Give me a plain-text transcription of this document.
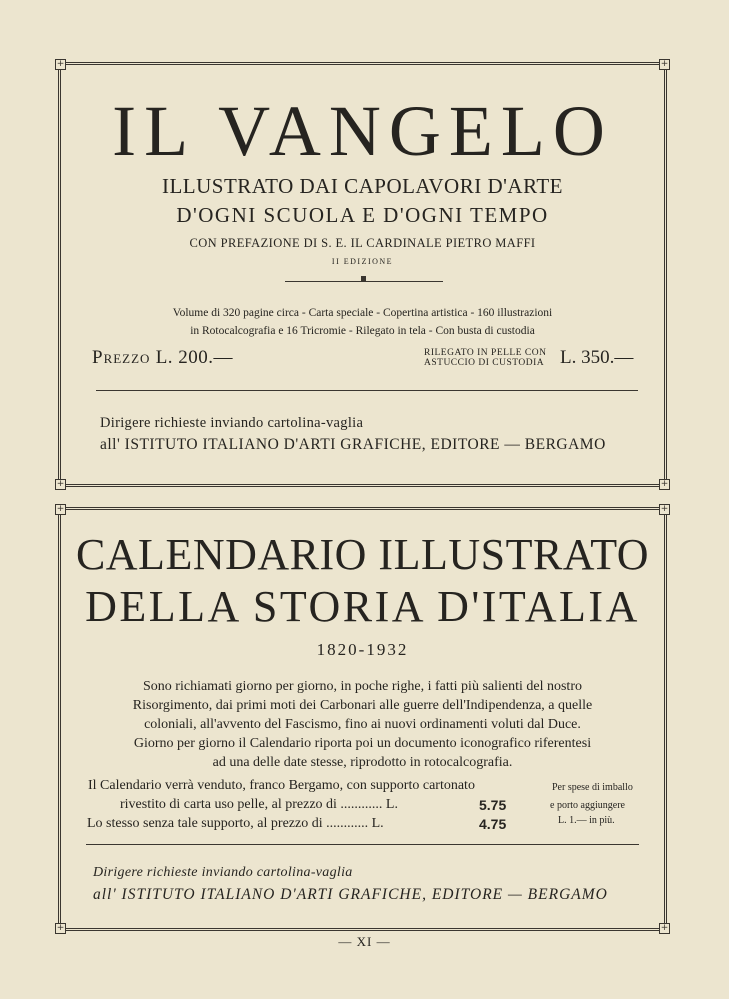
+	+
+	+
IL VANGELO
ILLUSTRATO DAI CAPOLAVORI D'ARTE
D'OGNI SCUOLA E D'OGNI TEMPO
CON PREFAZIONE DI S. E. IL CARDINALE PIETRO MAFFI
II EDIZIONE
Volume di 320 pagine circa - Carta speciale - Copertina artistica - 160 illustrazioni
in Rotocalcografia e 16 Tricromie - Rilegato in tela - Con busta di custodia
Prezzo L. 200.—	RILEGATO IN PELLE CON
ASTUCCIO DI CUSTODIA L. 350.—
Dirigere richieste inviando cartolina-vaglia
all' ISTITUTO ITALIANO D'ARTI GRAFICHE, EDITORE — BERGAMO
+	+
+	+
CALENDARIO ILLUSTRATO
DELLA STORIA D'ITALIA
1820-1932
Sono richiamati giorno per giorno, in poche righe, i fatti più salienti del nostro
Risorgimento, dai primi moti dei Carbonari alle guerre dell'Indipendenza, a quelle
coloniali, all'avvento del Fascismo, fino ai nuovi ordinamenti voluti dal Duce.
Giorno per giorno il Calendario riporta poi un documento iconografico riferentesi
ad una delle date stesse, riprodotto in rotocalcografia.
Il Calendario verrà venduto, franco Bergamo, con supporto cartonato
rivestito di carta uso pelle, al prezzo di ............ L.	5.75
Lo stesso senza tale supporto, al prezzo di ............ L.	4.75
Per spese di imballo
e porto aggiungere
L. 1.— in più.
Dirigere richieste inviando cartolina-vaglia
all' ISTITUTO ITALIANO D'ARTI GRAFICHE, EDITORE — BERGAMO
— XI —
